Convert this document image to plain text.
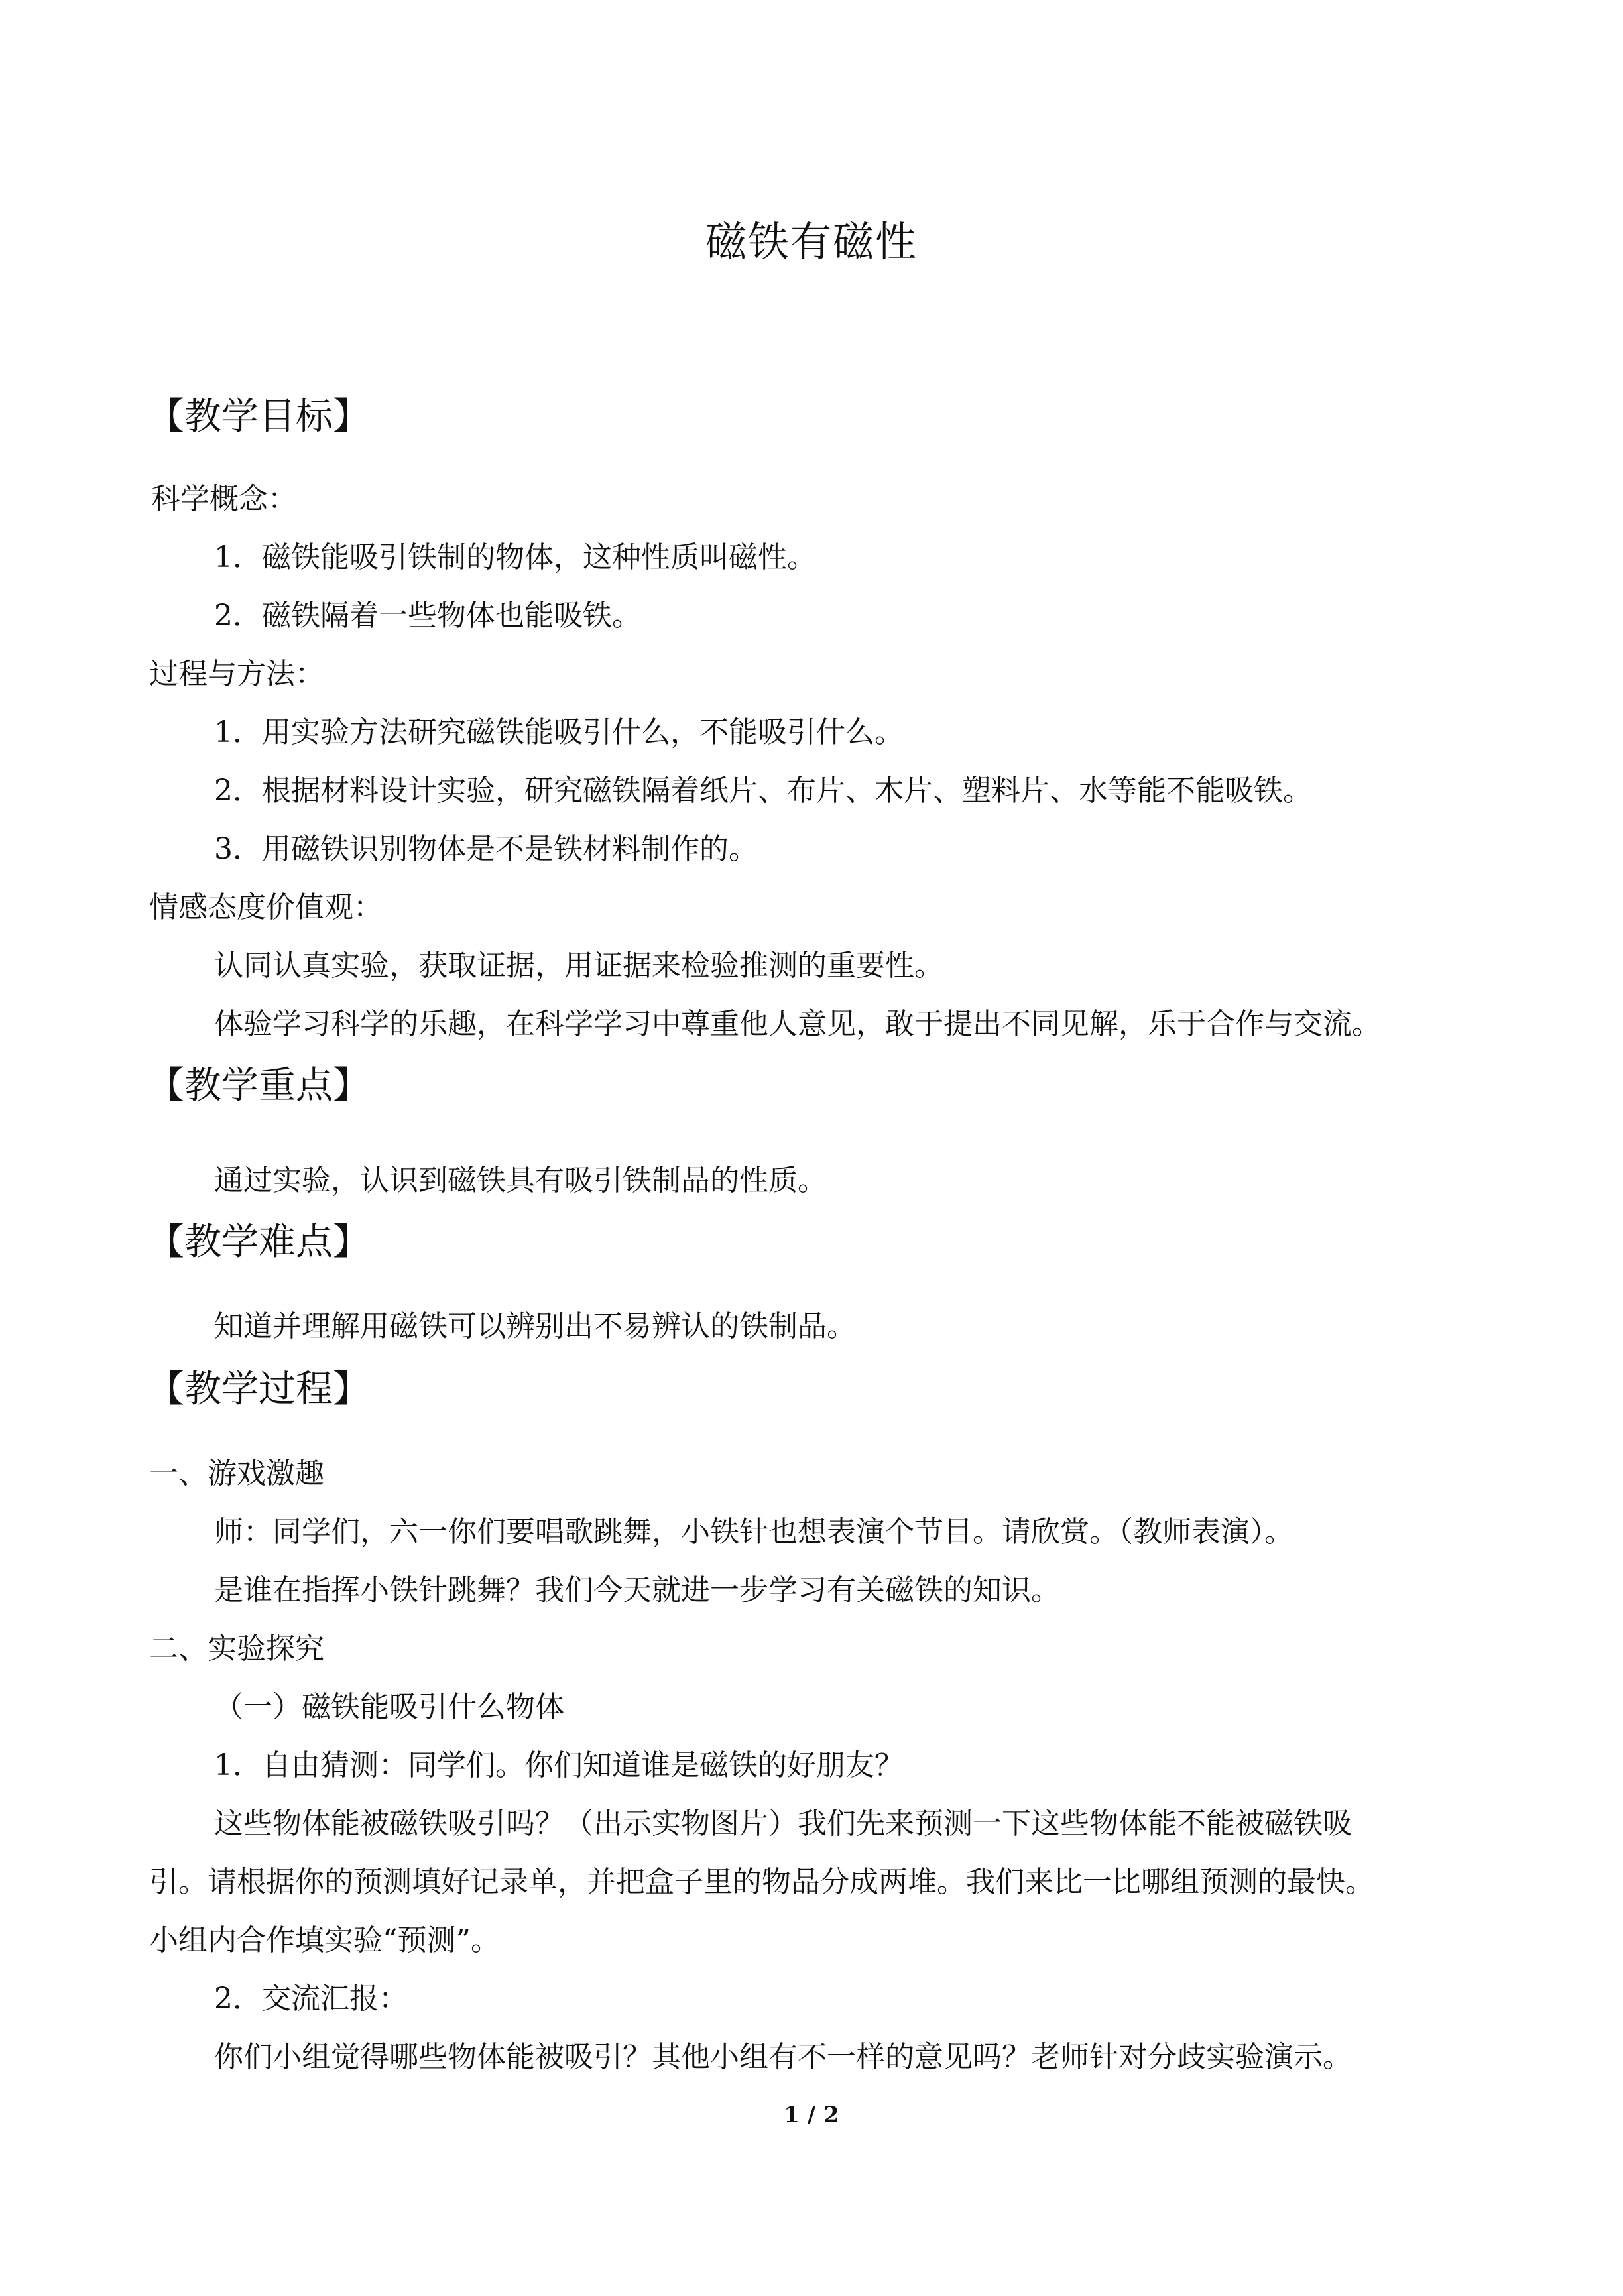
磁铁有磁性
【教学目标】
科学概念：
1．磁铁能吸引铁制的物体，这种性质叫磁性。
2．磁铁隔着一些物体也能吸铁。
过程与方法：
1．用实验方法研究磁铁能吸引什么，不能吸引什么。
2．根据材料设计实验，研究磁铁隔着纸片、布片、木片、塑料片、水等能不能吸铁。
3．用磁铁识别物体是不是铁材料制作的。
情感态度价值观：
认同认真实验，获取证据，用证据来检验推测的重要性。
体验学习科学的乐趣，在科学学习中尊重他人意见，敢于提出不同见解，乐于合作与交流。
【教学重点】
通过实验，认识到磁铁具有吸引铁制品的性质。
【教学难点】
知道并理解用磁铁可以辨别出不易辨认的铁制品。
【教学过程】
一、游戏激趣
师：同学们，六一你们要唱歌跳舞，小铁针也想表演个节目。请欣赏。（教师表演）。
是谁在指挥小铁针跳舞？我们今天就进一步学习有关磁铁的知识。
二、实验探究
（一）磁铁能吸引什么物体
1．自由猜测：同学们。你们知道谁是磁铁的好朋友？
这些物体能被磁铁吸引吗？（出示实物图片）我们先来预测一下这些物体能不能被磁铁吸
引。请根据你的预测填好记录单，并把盒子里的物品分成两堆。我们来比一比哪组预测的最快。
小组内合作填实验“预测”。
2．交流汇报：
你们小组觉得哪些物体能被吸引？其他小组有不一样的意见吗？老师针对分歧实验演示。
1 / 2
